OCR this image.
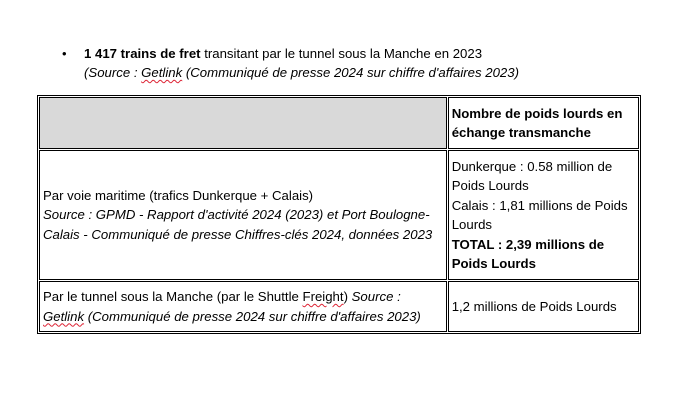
•	1 417 trains de fret transitant par le tunnel sous la Manche en 2023
(Source : Getlink (Communiqué de presse 2024 sur chiffre d'affaires 2023)
	Nombre de poids lourds en échange transmanche

Par voie maritime (trafics Dunkerque + Calais)
Source : GPMD - Rapport d'activité 2024 (2023) et Port Boulogne-Calais - Communiqué de presse Chiffres-clés 2024, données 2023	Dunkerque : 0.58 million de Poids Lourds
Calais : 1,81 millions de Poids Lourds
TOTAL : 2,39 millions de Poids Lourds

Par le tunnel sous la Manche (par le Shuttle Freight) Source : Getlink (Communiqué de presse 2024 sur chiffre d'affaires 2023)	1,2 millions de Poids Lourds
